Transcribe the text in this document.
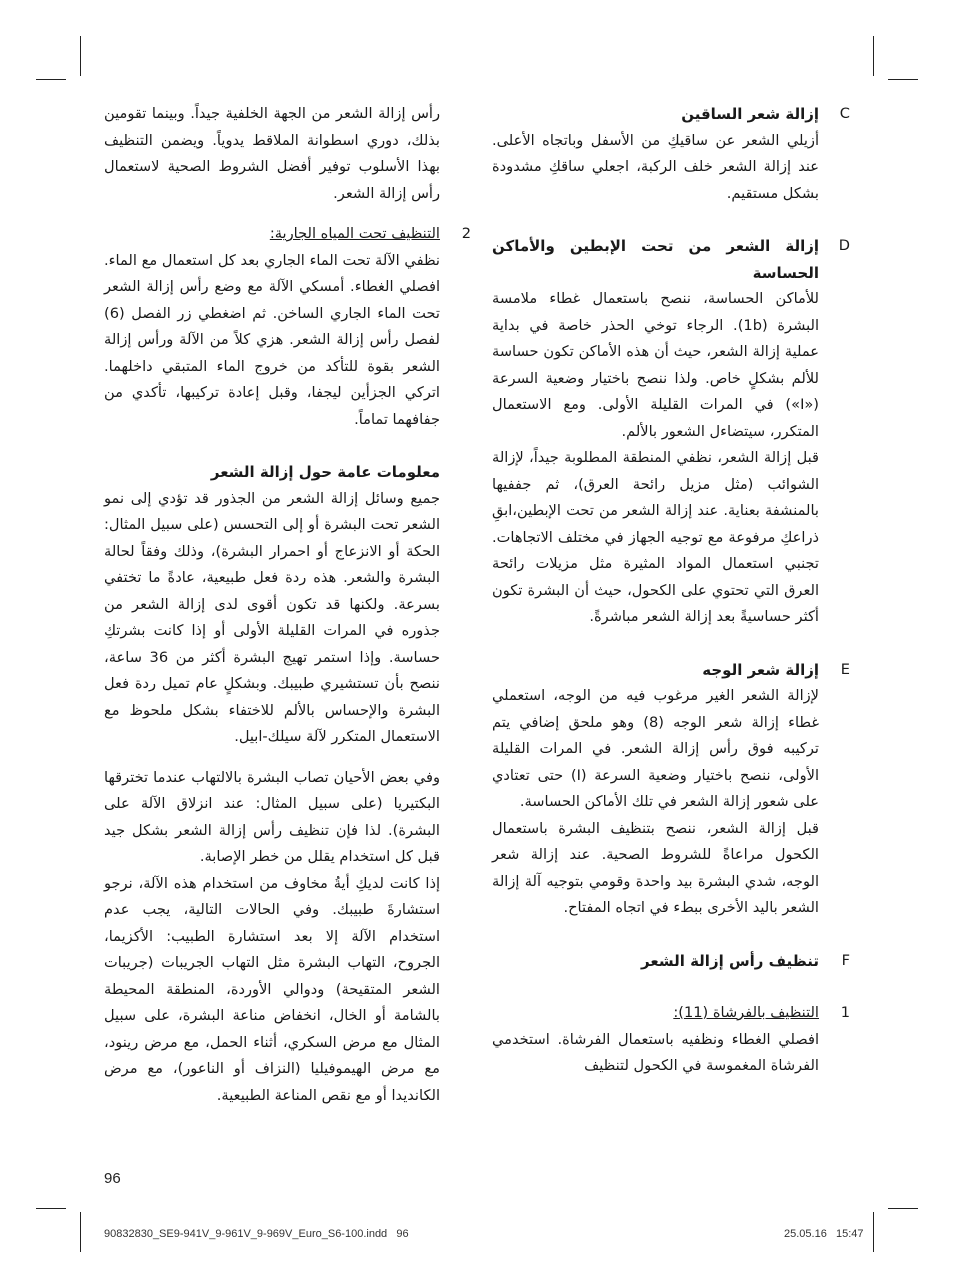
C

إزالة شعر الساقين

أزيلي الشعر عن ساقيكِ من الأسفل وباتجاه الأعلى. عند إزالة الشعر خلف الركبة، اجعلي ساقكِ مشدودة بشكل مستقيم.

D

إزالة الشعر من تحت الإبطين والأماكن الحساسة

للأماكن الحساسة، ننصح باستعمال غطاء ملامسة البشرة (1b). الرجاء توخي الحذر خاصة في بداية عملية إزالة الشعر، حيث أن هذه الأماكن تكون حساسة للألم بشكلٍ خاص. ولذا ننصح باختيار وضعية السرعة («I») في المرات القليلة الأولى. ومع الاستعمال المتكرر، سيتضاءل الشعور بالألم.

قبل إزالة الشعر، نظفي المنطقة المطلوبة جيداً، لإزالة الشوائب (مثل مزيل رائحة العرق)، ثم جففيها بالمنشفة بعناية. عند إزالة الشعر من تحت الإبطين،ابقِ ذراعكِ مرفوعة مع توجيه الجهاز في مختلف الاتجاهات. تجنبي استعمال المواد المثيرة مثل مزيلات رائحة العرق التي تحتوي على الكحول، حيث أن البشرة تكون أكثر حساسيةً بعد إزالة الشعر مباشرةً.

E

إزالة شعر الوجه

لإزالة الشعر الغير مرغوب فيه من الوجه، استعملي غطاء إزالة شعر الوجه (8) وهو ملحق إضافي يتم تركيبه فوق رأس إزالة الشعر. في المرات القليلة الأولى، ننصح باختيار وضعية السرعة (I) حتى تعتادي على شعور إزالة الشعر في تلك الأماكن الحساسة.

قبل إزالة الشعر، ننصح بتنظيف البشرة باستعمال الكحول مراعاةً للشروط الصحية. عند إزالة شعر الوجه، شدي البشرة بيد واحدة وقومي بتوجيه آلة إزالة الشعر باليد الأخرى ببطء في اتجاه المفتاح.

F

تنظيف رأس إزالة الشعر

1

التنظيف بالفرشاة (11):

افصلي الغطاء ونظفيه باستعمال الفرشاة. استخدمي الفرشاة المغموسة في الكحول لتنظيف

رأس إزالة الشعر من الجهة الخلفية جيداً. وبينما تقومين بذلك، دوري اسطوانة الملاقط يدوياً. ويضمن التنظيف بهذا الأسلوب توفير أفضل الشروط الصحية لاستعمال رأس إزالة الشعر.

2

التنظيف تحت المياه الجارية:

نظفي الآلة تحت الماء الجاري بعد كل استعمال مع الماء. افصلي الغطاء. أمسكي الآلة مع وضع رأس إزالة الشعر تحت الماء الجاري الساخن. ثم اضغطي زر الفصل (6) لفصل رأس إزالة الشعر. هزي كلاً من الآلة ورأس إزالة الشعر بقوة للتأكد من خروج الماء المتبقي داخلهما. اتركي الجزأين ليجفا، وقبل إعادة تركيبها، تأكدي من جفافهما تماماً.

معلومات عامة حول إزالة الشعر

جميع وسائل إزالة الشعر من الجذور قد تؤدي إلى نمو الشعر تحت البشرة أو إلى التحسس (على سبيل المثال: الحكة أو الانزعاج أو احمرار البشرة)، وذلك وفقاً لحالة البشرة والشعر. هذه ردة فعل طبيعية، عادةً ما تختفي بسرعة. ولكنها قد تكون أقوى لدى إزالة الشعر من جذوره في المرات القليلة الأولى أو إذا كانت بشرتكِ حساسة. وإذا استمر تهيج البشرة أكثر من 36 ساعة، ننصح بأن تستشيري طبيبك. وبشكلٍ عام تميل ردة فعل البشرة والإحساس بالألم للاختفاء بشكل ملحوظ مع الاستعمال المتكرر لآلة سيلك-ابيل.

وفي بعض الأحيان تصاب البشرة بالالتهاب عندما تخترقها البكتيريا (على سبيل المثال: عند انزلاق الآلة على البشرة). لذا فإن تنظيف رأس إزالة الشعر بشكل جيد قبل كل استخدام يقلل من خطر الإصابة.

إذا كانت لديكِ أيةُ مخاوف من استخدام هذه الآلة، نرجو استشارةَ طبيبك. وفي الحالات التالية، يجب عدم استخدام الآلة إلا بعد استشارة الطبيب: الأكزيما، الجروح، التهاب البشرة مثل التهاب الجريبات (جريبات الشعر المتقيحة) ودوالي الأوردة، المنطقة المحيطة بالشامة أو الخال، انخفاض مناعة البشرة، على سبيل المثال مع مرض السكري، أثناء الحمل، مع مرض رينود، مع مرض الهيموفيليا (النزاف أو الناعور)، مع مرض الكانديدا أو مع نقص المناعة الطبيعية.

96
90832830_SE9-941V_9-961V_9-969V_Euro_S6-100.indd   96	25.05.16 15:47
